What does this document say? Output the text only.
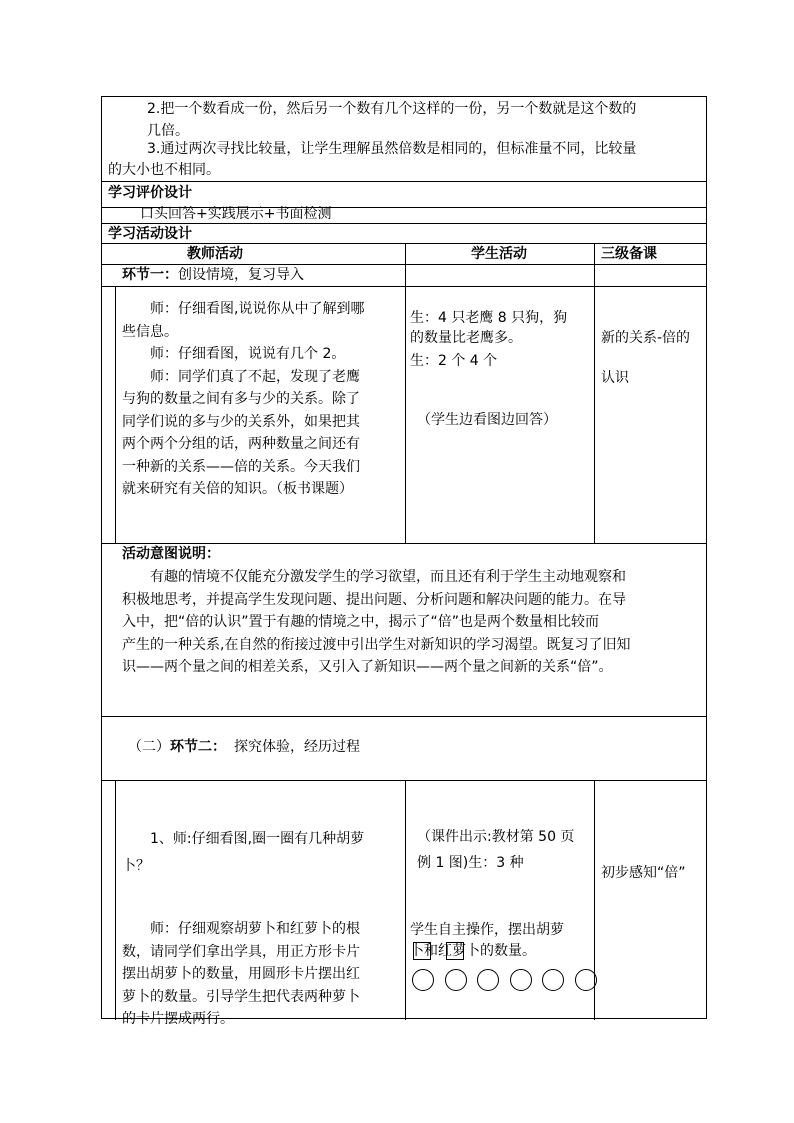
2.把一个数看成一份，然后另一个数有几个这样的一份，另一个数就是这个数的
几倍。
3.通过两次寻找比较量，让学生理解虽然倍数是相同的，但标准量不同，比较量
的大小也不相同。
学习评价设计
口头回答+实践展示+书面检测
学习活动设计
教师活动	学生活动	三级备课
环节一：创设情境，复习导入
师：仔细看图,说说你从中了解到哪
些信息。
师：仔细看图，说说有几个 2。
师：同学们真了不起，发现了老鹰
与狗的数量之间有多与少的关系。除了
同学们说的多与少的关系外，如果把其
两个两个分组的话，两种数量之间还有
一种新的关系——倍的关系。今天我们
就来研究有关倍的知识。（板书课题）
生：4 只老鹰 8 只狗，狗
的数量比老鹰多。
生：2 个 4 个
（学生边看图边回答）
新的关系-倍的
认识
活动意图说明：
有趣的情境不仅能充分激发学生的学习欲望，而且还有利于学生主动地观察和
积极地思考，并提高学生发现问题、提出问题、分析问题和解决问题的能力。在导
入中，把“倍的认识”置于有趣的情境之中，揭示了“倍”也是两个数量相比较而
产生的一种关系,在自然的衔接过渡中引出学生对新知识的学习渴望。既复习了旧知
识——两个量之间的相差关系，又引入了新知识——两个量之间新的关系“倍”。
（二）环节二： 探究体验，经历过程
1、师:仔细看图,圈一圈有几种胡萝
卜？
师：仔细观察胡萝卜和红萝卜的根
数，请同学们拿出学具，用正方形卡片
摆出胡萝卜的数量，用圆形卡片摆出红
萝卜的数量。引导学生把代表两种萝卜
的卡片摆成两行。
（课件出示:教材第 50 页
例 1 图)生：3 种
学生自主操作，摆出胡萝
卜和红萝卜的数量。
初步感知“倍”
